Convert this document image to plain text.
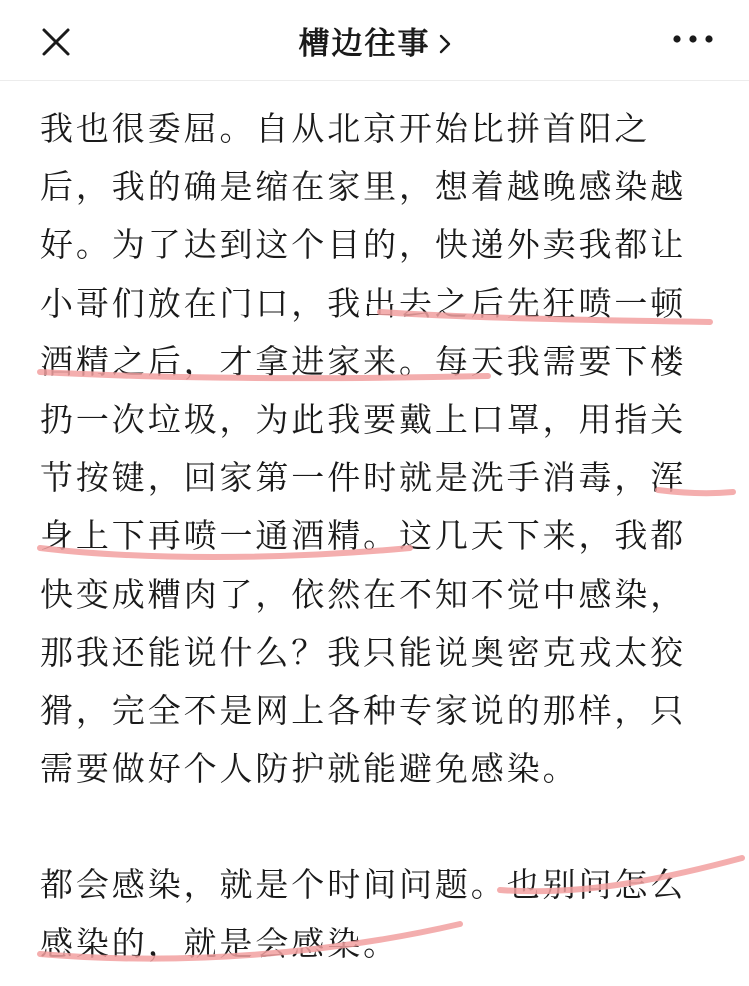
槽边往事

我也很委屈。自从北京开始比拼首阳之后，我的确是缩在家里，想着越晚感染越好。为了达到这个目的，快递外卖我都让小哥们放在门口，我出去之后先狂喷一顿酒精之后，才拿进家来。每天我需要下楼扔一次垃圾，为此我要戴上口罩，用指关节按键，回家第一件时就是洗手消毒，浑身上下再喷一通酒精。这几天下来，我都快变成糟肉了，依然在不知不觉中感染，那我还能说什么？我只能说奥密克戎太狡猾，完全不是网上各种专家说的那样，只需要做好个人防护就能避免感染。

都会感染，就是个时间问题。也别问怎么感染的，就是会感染。
